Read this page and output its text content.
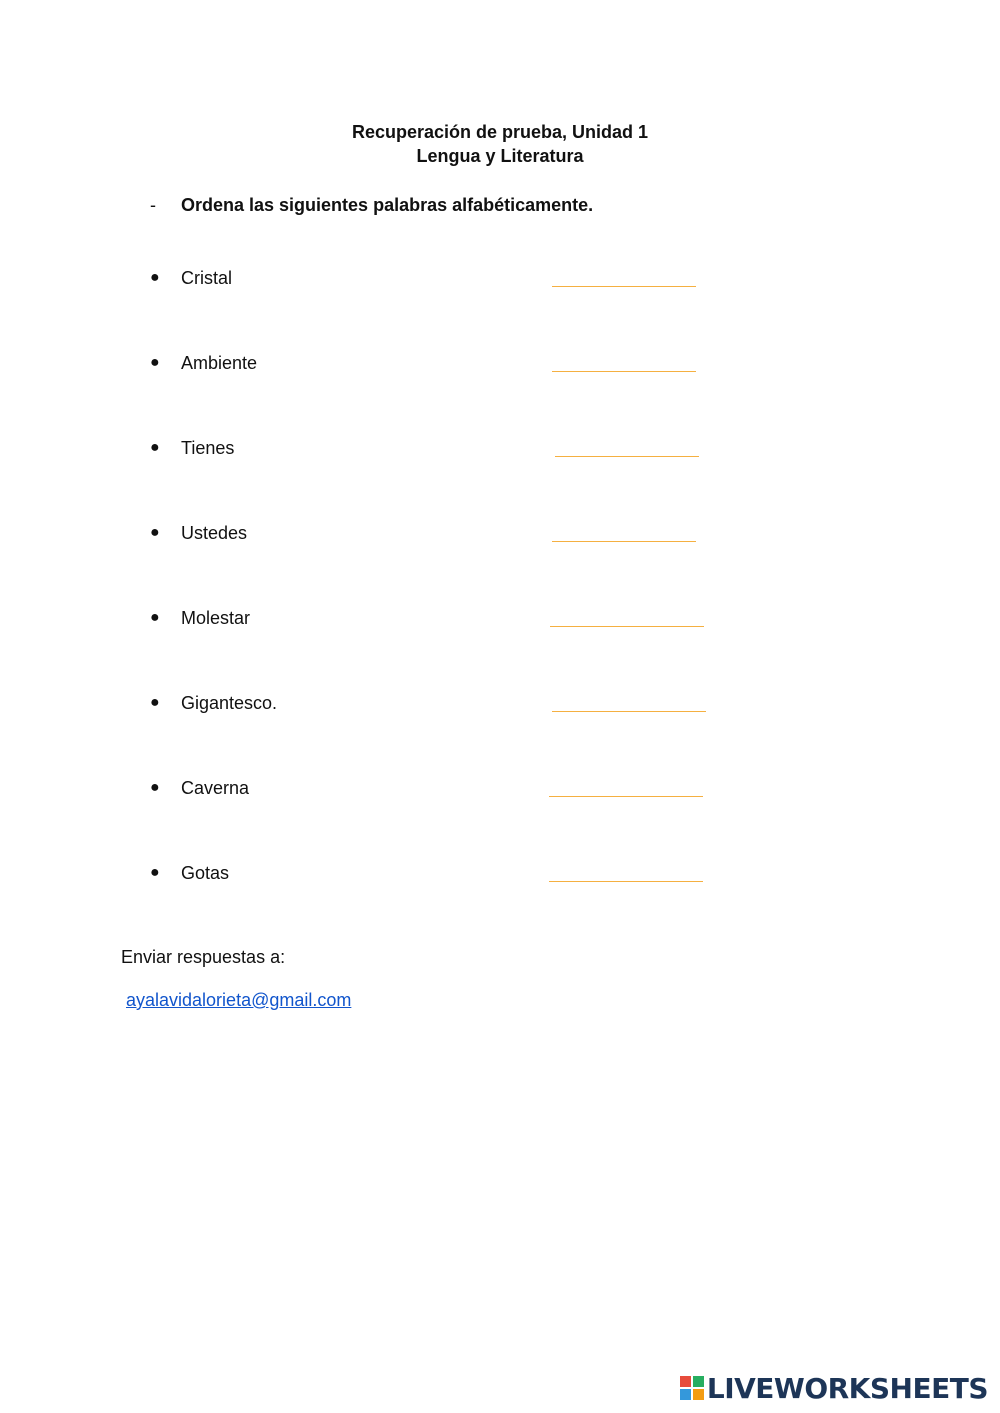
Recuperación de prueba, Unidad 1
Lengua y Literatura
- Ordena las siguientes palabras alfabéticamente.
● Cristal
● Ambiente
● Tienes
● Ustedes
● Molestar
● Gigantesco.
● Caverna
● Gotas
Enviar respuestas a:
ayalavidalorieta@gmail.com
LIVEWORKSHEETS
